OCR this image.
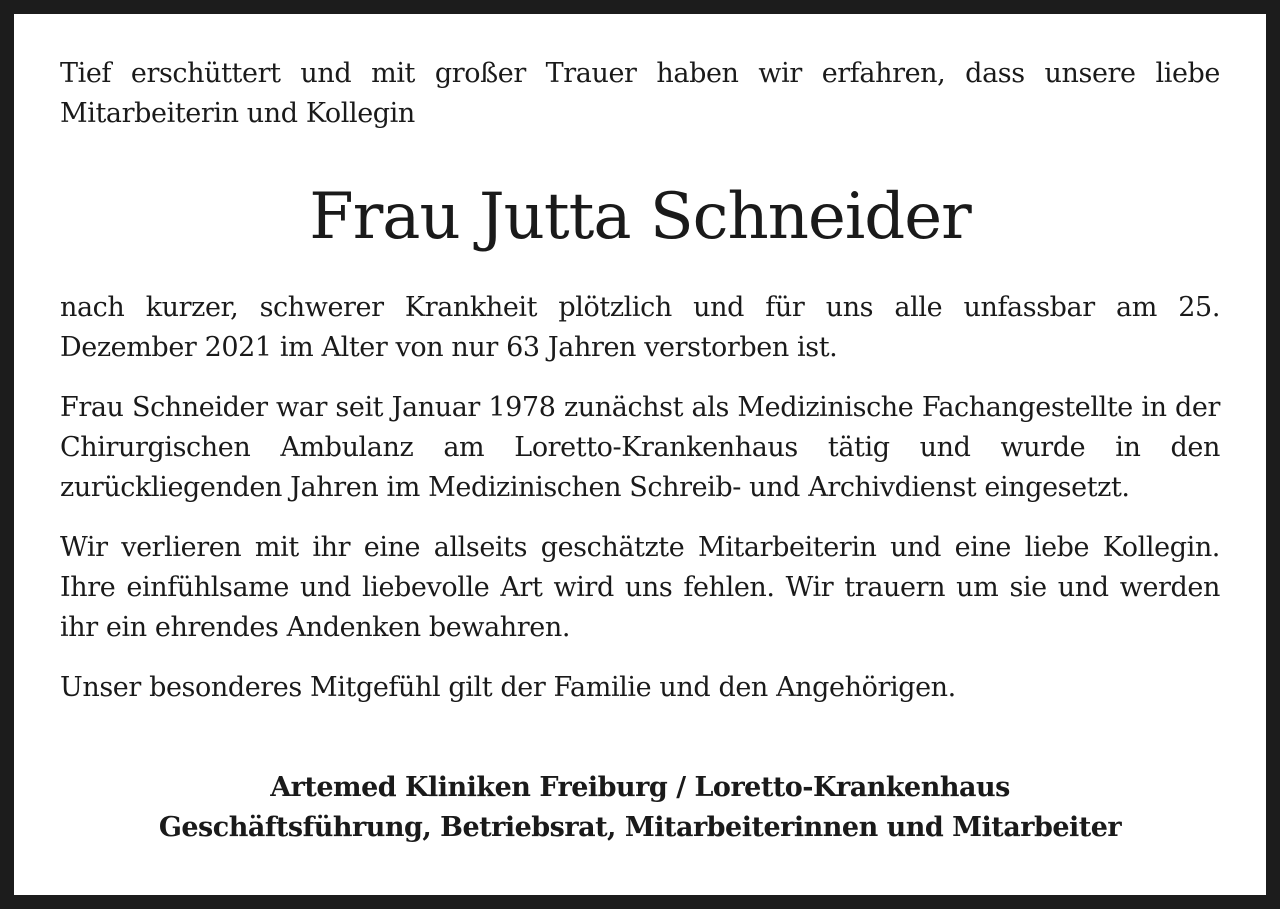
Tief erschüttert und mit großer Trauer haben wir erfahren, dass unsere liebe Mitarbeiterin und Kollegin

Frau Jutta Schneider

nach kurzer, schwerer Krankheit plötzlich und für uns alle unfassbar am 25. Dezember 2021 im Alter von nur 63 Jahren verstorben ist.

Frau Schneider war seit Januar 1978 zunächst als Medizinische Fachangestellte in der Chirurgischen Ambulanz am Loretto-Krankenhaus tätig und wurde in den zurückliegenden Jahren im Medizinischen Schreib- und Archivdienst eingesetzt.

Wir verlieren mit ihr eine allseits geschätzte Mitarbeiterin und eine liebe Kollegin. Ihre einfühlsame und liebevolle Art wird uns fehlen. Wir trauern um sie und werden ihr ein ehrendes Andenken bewahren.

Unser besonderes Mitgefühl gilt der Familie und den Angehörigen.

Artemed Kliniken Freiburg / Loretto-Krankenhaus
Geschäftsführung, Betriebsrat, Mitarbeiterinnen und Mitarbeiter
